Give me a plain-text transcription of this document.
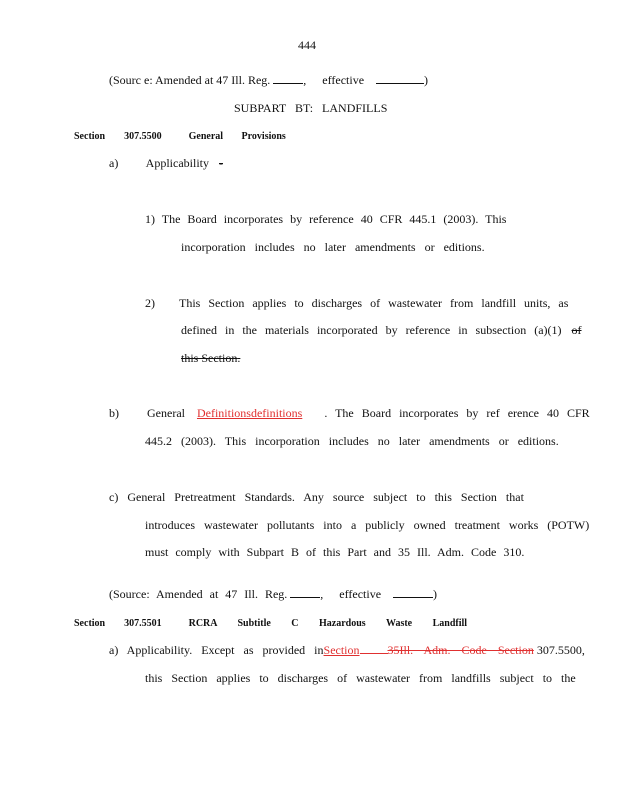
444
(Sourc e: Amended at 47 Ill. Reg.	, effective	)
SUBPART BT: LANDFILLS
Section 307.5500	General Provisions
a) Applicability -
1) The Board incorporates by reference 40 CFR 445.1 (2003). This
incorporation includes no later amendments or editions.
2) This Section applies to discharges of wastewater from landfill units, as
defined in the materials incorporated by reference in subsection (a)(1) of
this Section.
b) General Definitionsdefinitions . The Board incorporates by ref erence 40 CFR
445.2 (2003). This incorporation includes no later amendments or editions.
c) General Pretreatment Standards. Any source subject to this Section that
introduces wastewater pollutants into a publicly owned treatment works (POTW)
must comply with Subpart B of this Part and 35 Ill. Adm. Code 310.
(Source: Amended at 47 Ill. Reg.	, effective	)
Section 307.5501	RCRA Subtitle C Hazardous Waste Landfill
a) Applicability. Except as provided inSection 35Ill. Adm. Code Section 307.5500,
this Section applies to discharges of wastewater from landfills subject to the
